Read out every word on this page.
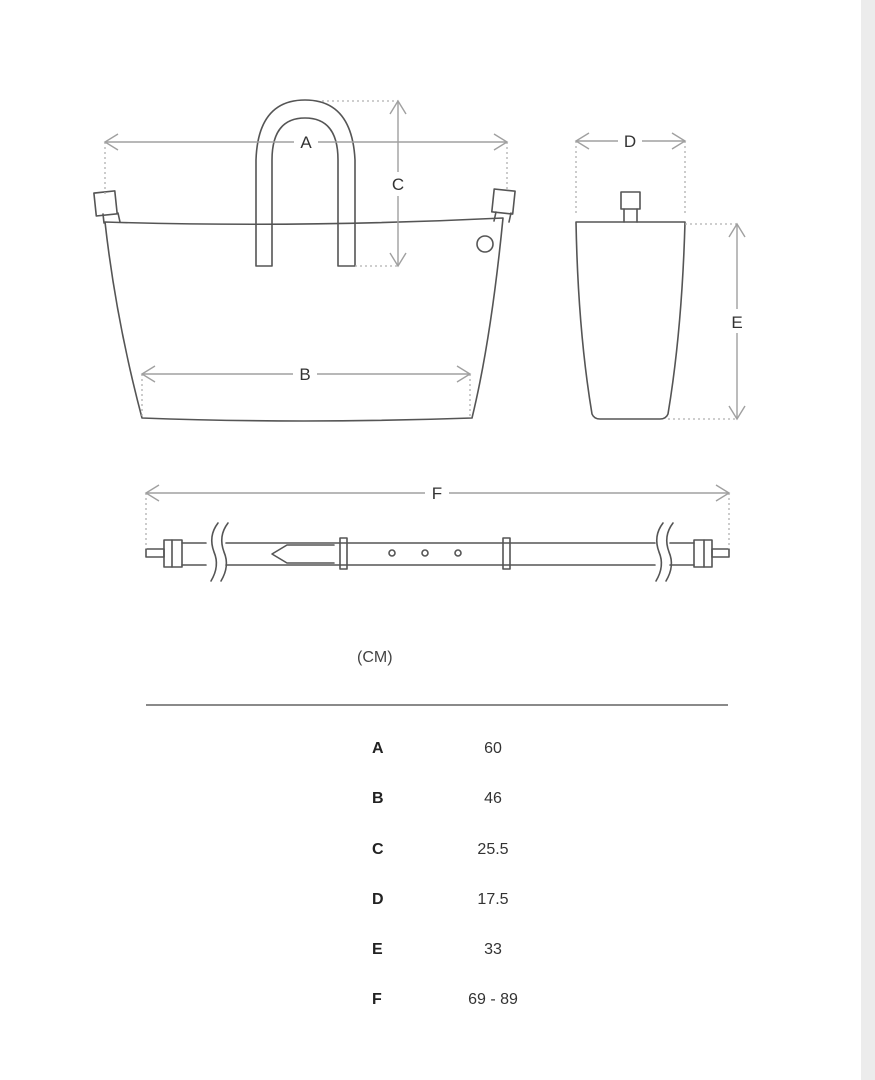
A
C
B
D
E
F
(CM)
A	60
B	46
C	25.5
D	17.5
E	33
F	69 - 89
